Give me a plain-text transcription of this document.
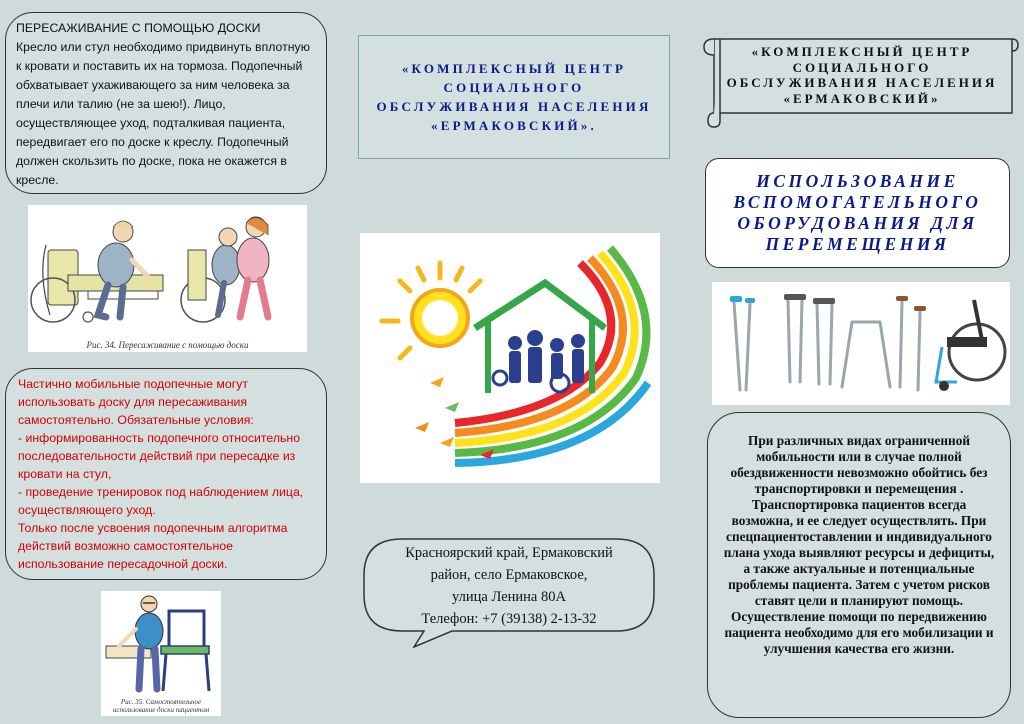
ПЕРЕСАЖИВАНИЕ С ПОМОЩЬЮ ДОСКИ
Кресло или стул необходимо придвинуть вплотную к кровати и поставить их на тормоза. Подопечный обхватывает ухаживающего за ним человека за плечи или талию (не за шею!). Лицо, осуществляющее уход, подталкивая пациента, передвигает его по доске к креслу. Подопечный должен скользить по доске, пока не окажется в кресле.
Рис. 34. Пересаживание с помощью доски
Частично мобильные подопечные могут использовать доску для пересаживания самостоятельно. Обязательные условия:
- информированность подопечного относительно последовательности действий при пересадке из кровати на стул,
- проведение тренировок под наблюдением лица, осуществляющего уход.
Только после усвоения подопечным алгоритма действий возможно самостоятельное использование пересадочной доски.
Рис. 35. Самостоятельное использование доски пациентом
«КОМПЛЕКСНЫЙ ЦЕНТР
СОЦИАЛЬНОГО
ОБСЛУЖИВАНИЯ НАСЕЛЕНИЯ
«ЕРМАКОВСКИЙ».
Красноярский край, Ермаковский
район, село Ермаковское,
улица Ленина 80А
Телефон: +7 (39138) 2-13-32
«КОМПЛЕКСНЫЙ ЦЕНТР
СОЦИАЛЬНОГО
ОБСЛУЖИВАНИЯ НАСЕЛЕНИЯ
«ЕРМАКОВСКИЙ»
ИСПОЛЬЗОВАНИЕ ВСПОМОГАТЕЛЬНОГО ОБОРУДОВАНИЯ ДЛЯ ПЕРЕМЕЩЕНИЯ
При различных видах ограниченной мобильности или в случае полной обездвиженности невозможно обойтись без транспортировки и перемещения . Транспортировка пациентов всегда возможна, и ее следует осуществлять. При спецпациентоставлении и индивидуального плана ухода выявляют ресурсы и дефициты, а также актуальные и потенциальные проблемы пациента. Затем с учетом рисков ставят цели и планируют помощь. Осуществление помощи по передвижению пациента необходимо для его мобилизации и улучшения качества его жизни.
